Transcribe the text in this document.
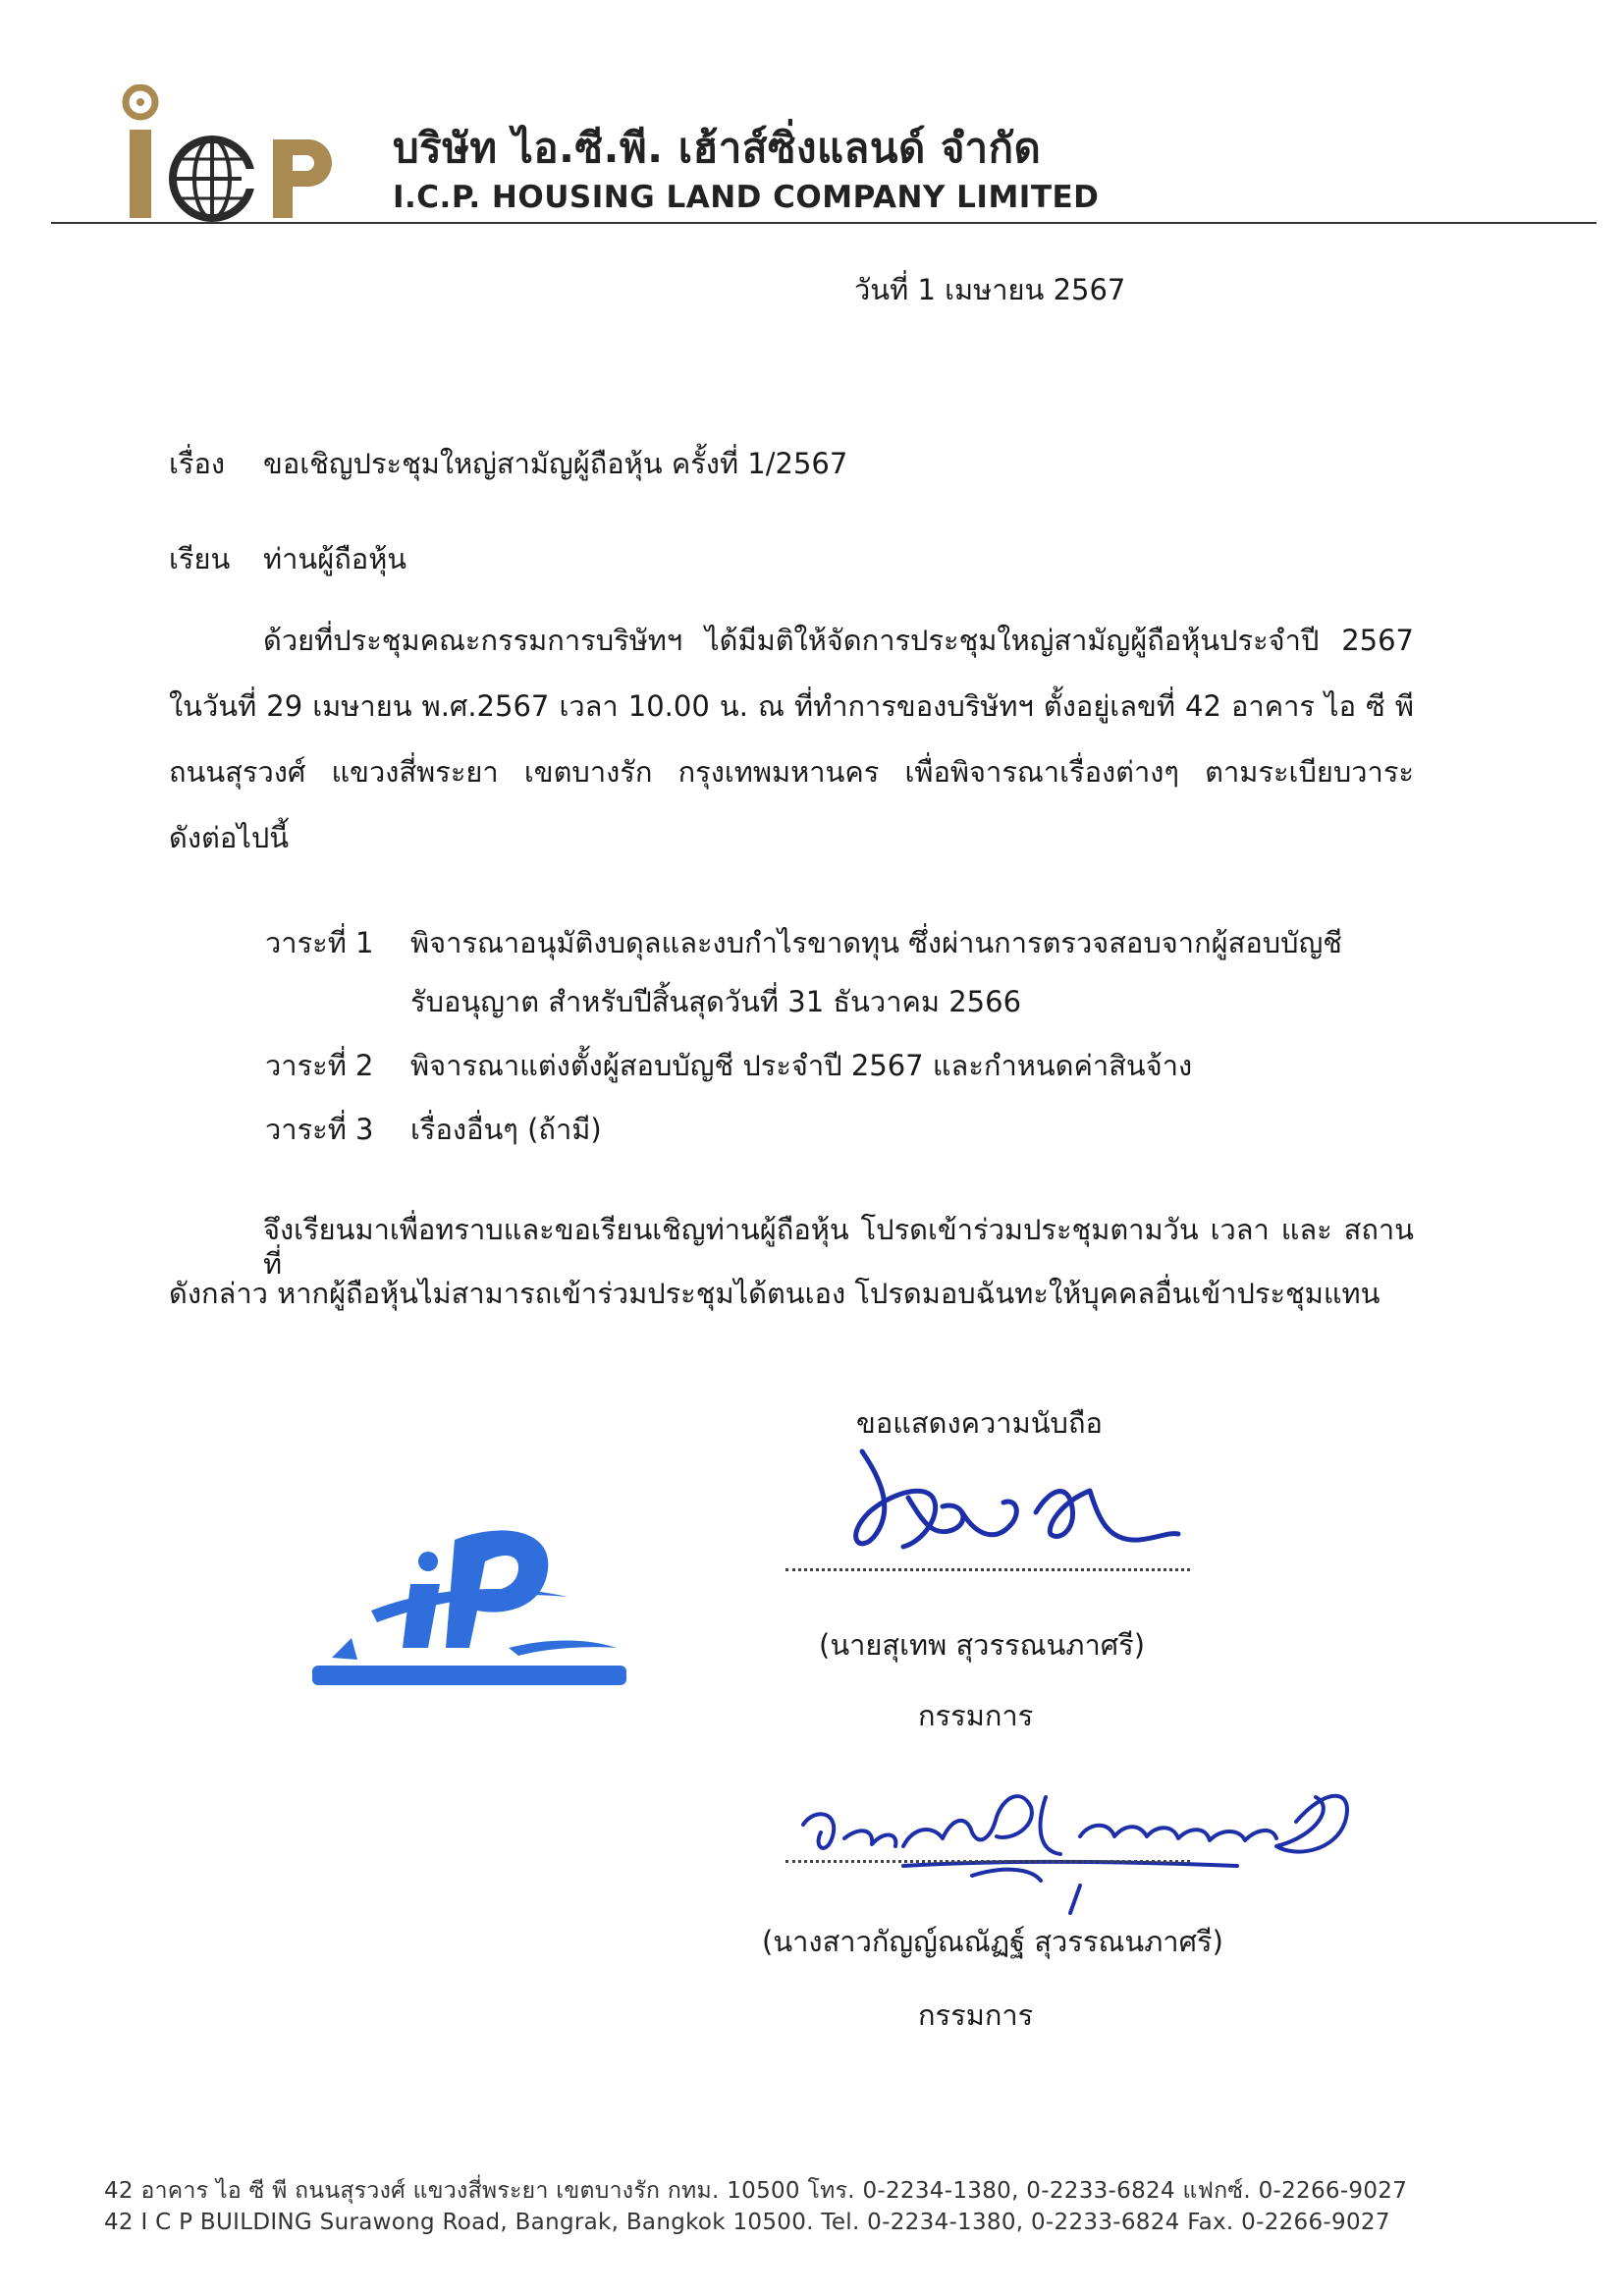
บริษัท ไอ.ซี.พี. เฮ้าส์ซิ่งแลนด์ จำกัด
I.C.P. HOUSING LAND COMPANY LIMITED
วันที่ 1 เมษายน 2567
เรื่อง ขอเชิญประชุมใหญ่สามัญผู้ถือหุ้น ครั้งที่ 1/2567
เรียน ท่านผู้ถือหุ้น
ด้วยที่ประชุมคณะกรรมการบริษัทฯ ได้มีมติให้จัดการประชุมใหญ่สามัญผู้ถือหุ้นประจำปี 2567
ในวันที่ 29 เมษายน พ.ศ.2567 เวลา 10.00 น. ณ ที่ทำการของบริษัทฯ ตั้งอยู่เลขที่ 42 อาคาร ไอ ซี พี
ถนนสุรวงศ์ แขวงสี่พระยา เขตบางรัก กรุงเทพมหานคร เพื่อพิจารณาเรื่องต่างๆ ตามระเบียบวาระ
ดังต่อไปนี้
วาระที่ 1 พิจารณาอนุมัติงบดุลและงบกำไรขาดทุน ซึ่งผ่านการตรวจสอบจากผู้สอบบัญชี
รับอนุญาต สำหรับปีสิ้นสุดวันที่ 31 ธันวาคม 2566
วาระที่ 2 พิจารณาแต่งตั้งผู้สอบบัญชี ประจำปี 2567 และกำหนดค่าสินจ้าง
วาระที่ 3 เรื่องอื่นๆ (ถ้ามี)
จึงเรียนมาเพื่อทราบและขอเรียนเชิญท่านผู้ถือหุ้น โปรดเข้าร่วมประชุมตามวัน เวลา และ สถานที่
ดังกล่าว หากผู้ถือหุ้นไม่สามารถเข้าร่วมประชุมได้ตนเอง โปรดมอบฉันทะให้บุคคลอื่นเข้าประชุมแทน
ขอแสดงความนับถือ
(นายสุเทพ สุวรรณนภาศรี)
กรรมการ
(นางสาวกัญญ์ณณัฏฐ์ สุวรรณนภาศรี)
กรรมการ
42 อาคาร ไอ ซี พี ถนนสุรวงศ์ แขวงสี่พระยา เขตบางรัก กทม. 10500 โทร. 0-2234-1380, 0-2233-6824 แฟกซ์. 0-2266-9027
42 I C P BUILDING Surawong Road, Bangrak, Bangkok 10500. Tel. 0-2234-1380, 0-2233-6824 Fax. 0-2266-9027
